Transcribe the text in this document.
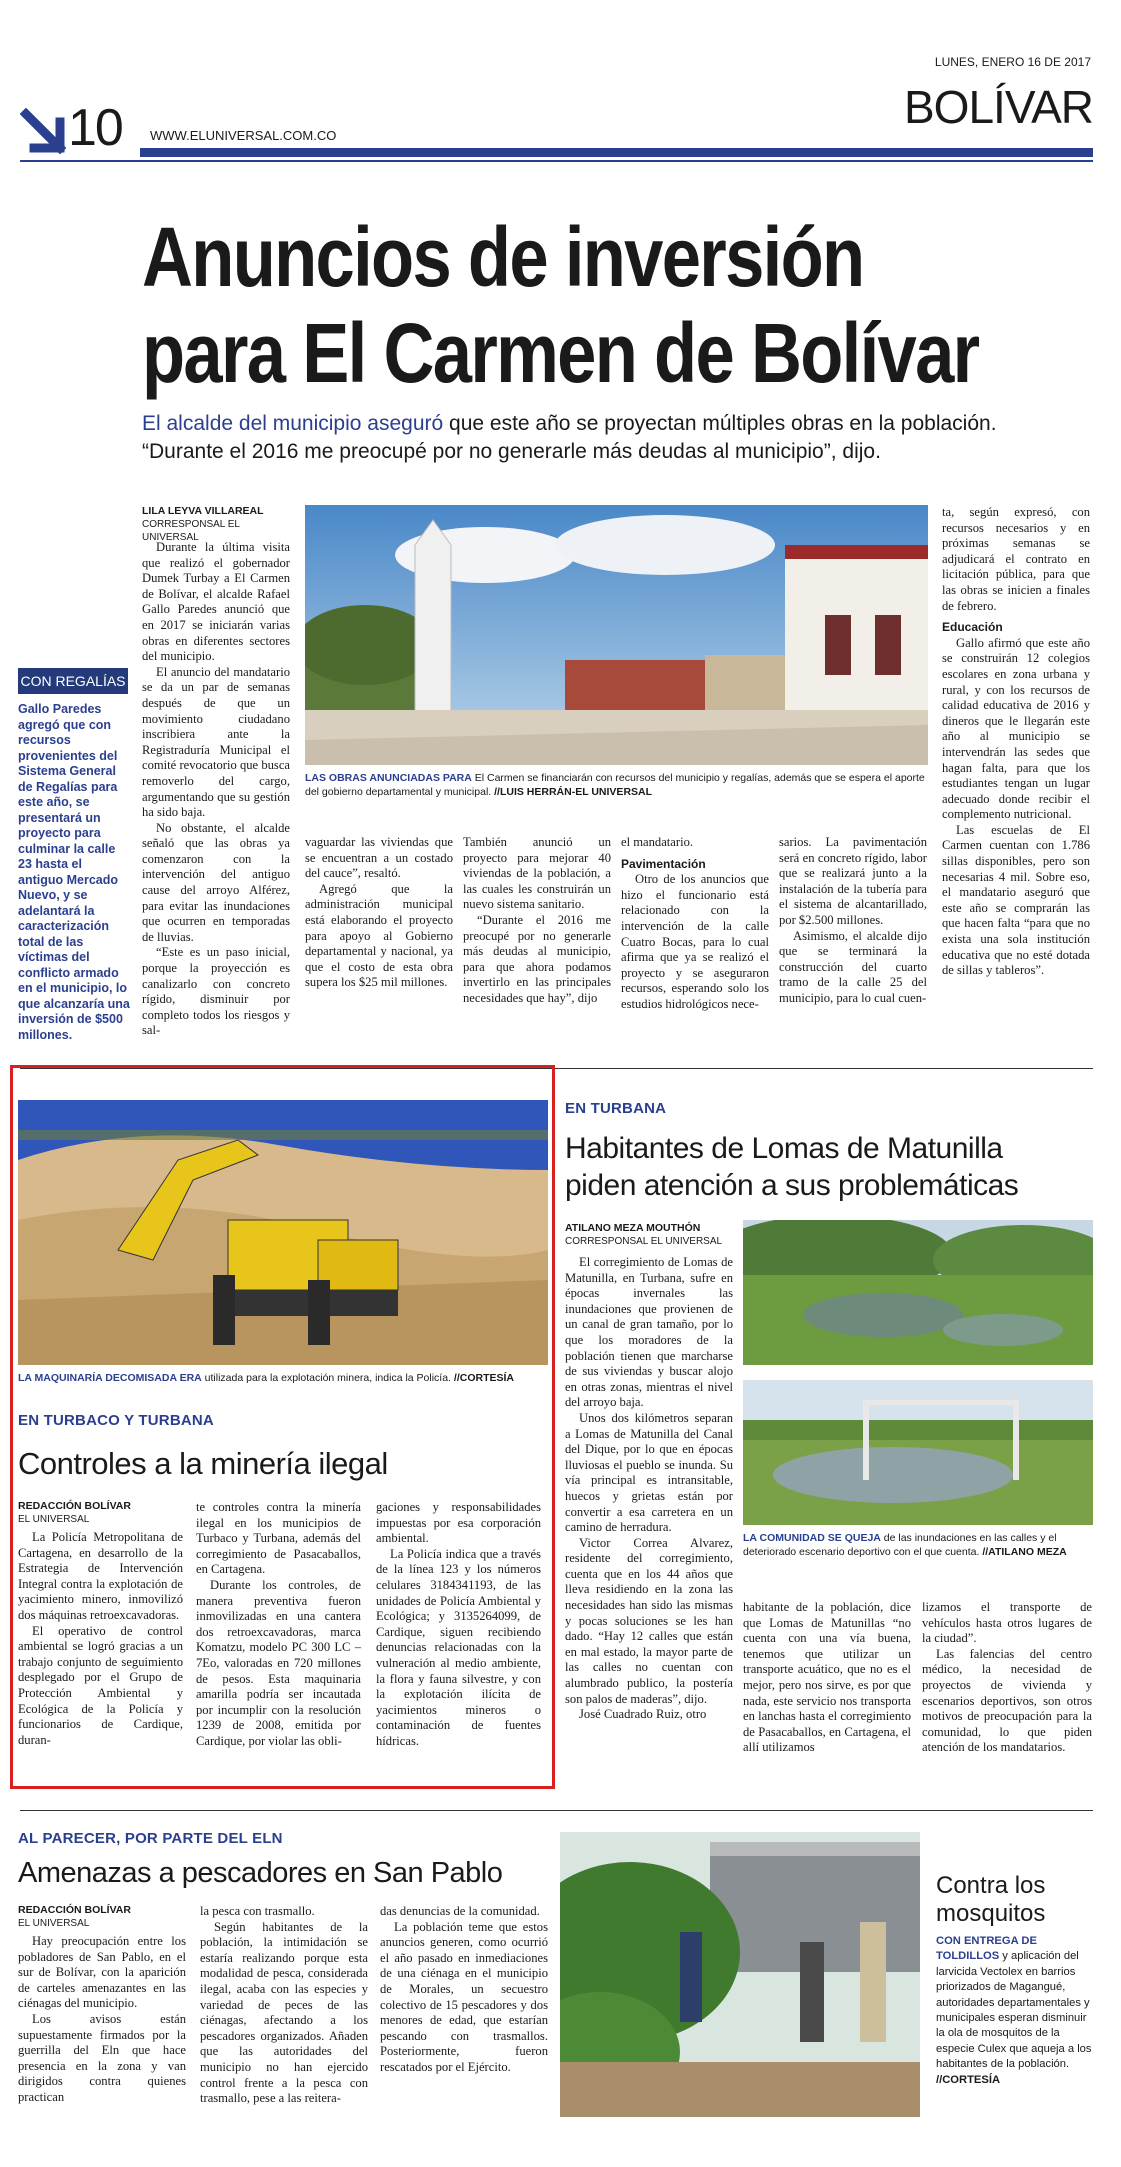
LUNES, ENERO 16 DE 2017
10 WWW.ELUNIVERSAL.COM.CO
BOLÍVAR
Anuncios de inversión
para El Carmen de Bolívar
El alcalde del municipio aseguró que este año se proyectan múltiples obras en la población.
“Durante el 2016 me preocupé por no generarle más deudas al municipio”, dijo.
LILA LEYVA VILLAREAL
CORRESPONSAL EL UNIVERSAL

Durante la última visita que realizó el gobernador Dumek Turbay a El Carmen de Bolívar, el alcalde Rafael Gallo Paredes anunció que en 2017 se iniciarán varias obras en diferentes sectores del municipio.

El anuncio del mandatario se da un par de semanas después de que un movimiento ciudadano inscribiera ante la Registraduría Municipal el comité revocatorio que busca removerlo del cargo, argumentando que su gestión ha sido baja.

No obstante, el alcalde señaló que las obras ya comenzaron con la intervención del antiguo cause del arroyo Alférez, para evitar las inundaciones que ocurren en temporadas de lluvias.

“Este es un paso inicial, porque la proyección es canalizarlo con concreto rígido, disminuir por completo todos los riesgos y sal-

CON REGALÍAS
Gallo Paredes agregó que con recursos provenientes del Sistema General de Regalías para este año, se presentará un proyecto para culminar la calle 23 hasta el antiguo Mercado Nuevo, y se adelantará la caracterización total de las víctimas del conflicto armado en el municipio, lo que alcanzaría una inversión de $500 millones.
LAS OBRAS ANUNCIADAS PARA El Carmen se financiarán con recursos del municipio y regalías, además que se espera el aporte del gobierno departamental y municipal. //LUIS HERRÁN-EL UNIVERSAL

vaguardar las viviendas que se encuentran a un costado del cauce”, resaltó.

Agregó que la administración municipal está elaborando el proyecto para apoyo al Gobierno departamental y nacional, ya que el costo de esta obra supera los $25 mil millones.

También anunció un proyecto para mejorar 40 viviendas de la población, a las cuales les construirán un nuevo sistema sanitario.

“Durante el 2016 me preocupé por no generarle más deudas al municipio, para que ahora podamos invertirlo en las principales necesidades que hay”, dijo

el mandatario.

Pavimentación

Otro de los anuncios que hizo el funcionario está relacionado con la intervención de la calle Cuatro Bocas, para lo cual afirma que ya se realizó el proyecto y se aseguraron recursos, esperando solo los estudios hidrológicos nece-

sarios. La pavimentación será en concreto rígido, labor que se realizará junto a la instalación de la tubería para el sistema de alcantarillado, por $2.500 millones.

Asimismo, el alcalde dijo que se terminará la construcción del cuarto tramo de la calle 25 del municipio, para lo cual cuen-

ta, según expresó, con recursos necesarios y en próximas semanas se adjudicará el contrato en licitación pública, para que las obras se inicien a finales de febrero.

Educación

Gallo afirmó que este año se construirán 12 colegios escolares en zona urbana y rural, y con los recursos de calidad educativa de 2016 y dineros que le llegarán este año al municipio se intervendrán las sedes que hagan falta, para que los estudiantes tengan un lugar adecuado donde recibir el complemento nutricional.

Las escuelas de El Carmen cuentan con 1.786 sillas disponibles, pero son necesarias 4 mil. Sobre eso, el mandatario aseguró que este año se comprarán las que hacen falta “para que no exista una sola institución educativa que no esté dotada de sillas y tableros”.

LA MAQUINARÍA DECOMISADA ERA utilizada para la explotación minera, indica la Policía. //CORTESÍA
EN TURBACO Y TURBANA
Controles a la minería ilegal
REDACCIÓN BOLÍVAR
EL UNIVERSAL

La Policía Metropolitana de Cartagena, en desarrollo de la Estrategia de Intervención Integral contra la explotación de yacimiento minero, inmovilizó dos máquinas retroexcavadoras.

El operativo de control ambiental se logró gracias a un trabajo conjunto de seguimiento desplegado por el Grupo de Protección Ambiental y Ecológica de la Policía y funcionarios de Cardique, duran-

te controles contra la minería ilegal en los municipios de Turbaco y Turbana, además del corregimiento de Pasacaballos, en Cartagena.

Durante los controles, de manera preventiva fueron inmovilizadas en una cantera dos retroexcavadoras, marca Komatzu, modelo PC 300 LC – 7Eo, valoradas en 720 millones de pesos. Esta maquinaria amarilla podría ser incautada por incumplir con la resolución 1239 de 2008, emitida por Cardique, por violar las obli-

gaciones y responsabilidades impuestas por esa corporación ambiental.

La Policía indica que a través de la línea 123 y los números celulares 3184341193, de las unidades de Policía Ambiental y Ecológica; y 3135264099, de Cardique, siguen recibiendo denuncias relacionadas con la vulneración al medio ambiente, la flora y fauna silvestre, y con la explotación ilícita de yacimientos mineros o contaminación de fuentes hídricas.

EN TURBANA
Habitantes de Lomas de Matunilla
piden atención a sus problemáticas
ATILANO MEZA MOUTHÓN
CORRESPONSAL EL UNIVERSAL

El corregimiento de Lomas de Matunilla, en Turbana, sufre en épocas invernales las inundaciones que provienen de un canal de gran tamaño, por lo que los moradores de la población tienen que marcharse de sus viviendas y buscar alojo en otras zonas, mientras el nivel del arroyo baja.

Unos dos kilómetros separan a Lomas de Matunilla del Canal del Dique, por lo que en épocas lluviosas el pueblo se inunda. Su vía principal es intransitable, huecos y grietas están por convertir a esa carretera en un camino de herradura.

Victor Correa Alvarez, residente del corregimiento, cuenta que en los 44 años que lleva residiendo en la zona las necesidades han sido las mismas y pocas soluciones se les han dado. “Hay 12 calles que están en mal estado, la mayor parte de las calles no cuentan con alumbrado publico, la postería son palos de maderas”, dijo.

José Cuadrado Ruiz, otro

LA COMUNIDAD SE QUEJA de las inundaciones en las calles y el deteriorado escenario deportivo con el que cuenta. //ATILANO MEZA

habitante de la población, dice que Lomas de Matunillas “no cuenta con una vía buena, tenemos que utilizar un transporte acuático, que no es el mejor, pero nos sirve, es por que nada, este servicio nos transporta en lanchas hasta el corregimiento de Pasacaballos, en Cartagena, el allí utilizamos

lizamos el transporte de vehículos hasta otros lugares de la ciudad”.

Las falencias del centro médico, la necesidad de proyectos de vivienda y escenarios deportivos, son otros motivos de preocupación para la comunidad, lo que piden atención de los mandatarios.

AL PARECER, POR PARTE DEL ELN
Amenazas a pescadores en San Pablo
REDACCIÓN BOLÍVAR
EL UNIVERSAL

Hay preocupación entre los pobladores de San Pablo, en el sur de Bolívar, con la aparición de carteles amenazantes en las ciénagas del municipio.

Los avisos están supuestamente firmados por la guerrilla del Eln que hace presencia en la zona y van dirigidos contra quienes practican

la pesca con trasmallo.

Según habitantes de la población, la intimidación se estaría realizando porque esta modalidad de pesca, considerada ilegal, acaba con las especies y variedad de peces de las ciénagas, afectando a los pescadores organizados. Añaden que las autoridades del municipio no han ejercido control frente a la pesca con trasmallo, pese a las reitera-

das denuncias de la comunidad.

La población teme que estos anuncios generen, como ocurrió el año pasado en inmediaciones de una ciénaga en el municipio de Morales, un secuestro colectivo de 15 pescadores y dos menores de edad, que estarían pescando con trasmallos. Posteriormente, fueron rescatados por el Ejército.

Contra los
mosquitos
CON ENTREGA DE TOLDILLOS y aplicación del larvicida Vectolex en barrios priorizados de Magangué, autoridades departamentales y municipales esperan disminuir la ola de mosquitos de la especie Culex que aqueja a los habitantes de la población. //CORTESÍA
